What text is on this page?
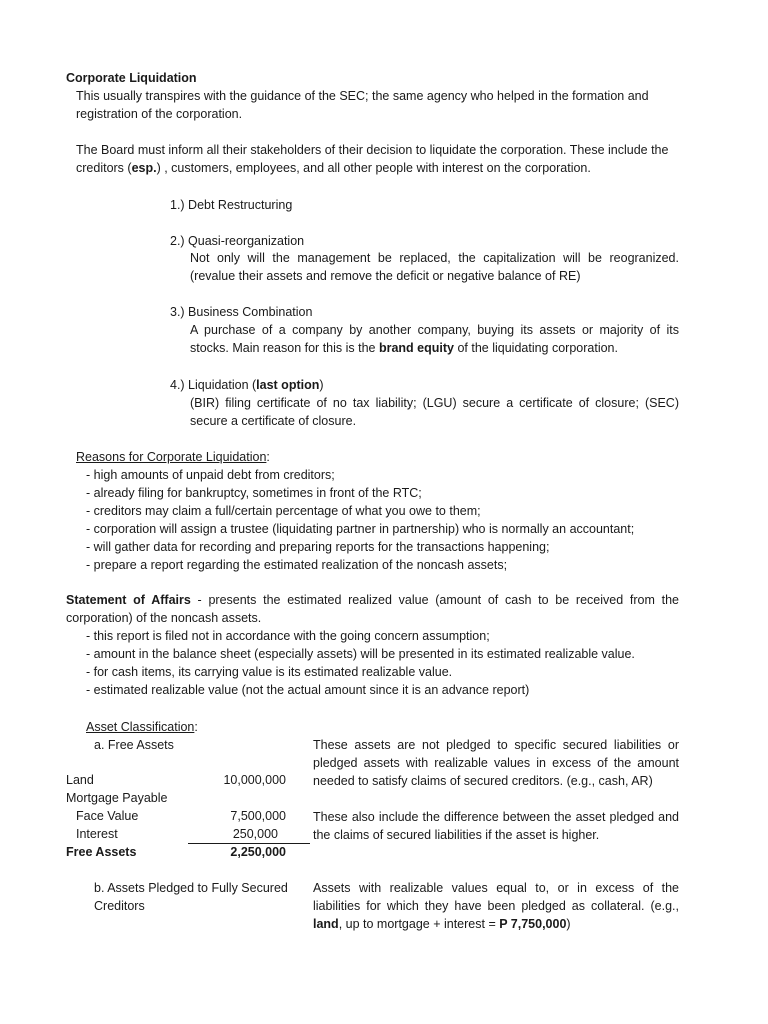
Corporate Liquidation

This usually transpires with the guidance of the SEC; the same agency who helped in the formation and registration of the corporation.

The Board must inform all their stakeholders of their decision to liquidate the corporation. These include the creditors (esp.) , customers, employees, and all other people with interest on the corporation.

1.) Debt Restructuring
2.) Quasi-reorganization

Not only will the management be replaced, the capitalization will be reogranized. (revalue their assets and remove the deficit or negative balance of RE)

3.) Business Combination

A purchase of a company by another company, buying its assets or majority of its stocks. Main reason for this is the brand equity of the liquidating corporation.

4.) Liquidation (last option)

(BIR) filing certificate of no tax liability; (LGU) secure a certificate of closure; (SEC) secure a certificate of closure.

Reasons for Corporate Liquidation:
- high amounts of unpaid debt from creditors;
- already filing for bankruptcy, sometimes in front of the RTC;
- creditors may claim a full/certain percentage of what you owe to them;
- corporation will assign a trustee (liquidating partner in partnership) who is normally an accountant;
- will gather data for recording and preparing reports for the transactions happening;
- prepare a report regarding the estimated realization of the noncash assets;

Statement of Affairs - presents the estimated realized value (amount of cash to be received from the corporation) of the noncash assets.

- this report is filed not in accordance with the going concern assumption;
- amount in the balance sheet (especially assets) will be presented in its estimated realizable value.
- for cash items, its carrying value is its estimated realizable value.
- estimated realizable value (not the actual amount since it is an advance report)
Asset Classification:
a. Free Assets	These assets are not pledged to specific secured liabilities or pledged assets with realizable values in excess of the amount needed to satisfy claims of secured creditors. (e.g., cash, AR)

These also include the difference between the asset pledged and the claims of secured liabilities if the asset is higher.

Land	10,000,000
Mortgage Payable
Face Value	7,500,000
Interest	250,000
Free Assets	2,250,000

b. Assets Pledged to Fully Secured Creditors

Assets with realizable values equal to, or in excess of the liabilities for which they have been pledged as collateral. (e.g., land, up to mortgage + interest = P 7,750,000)
